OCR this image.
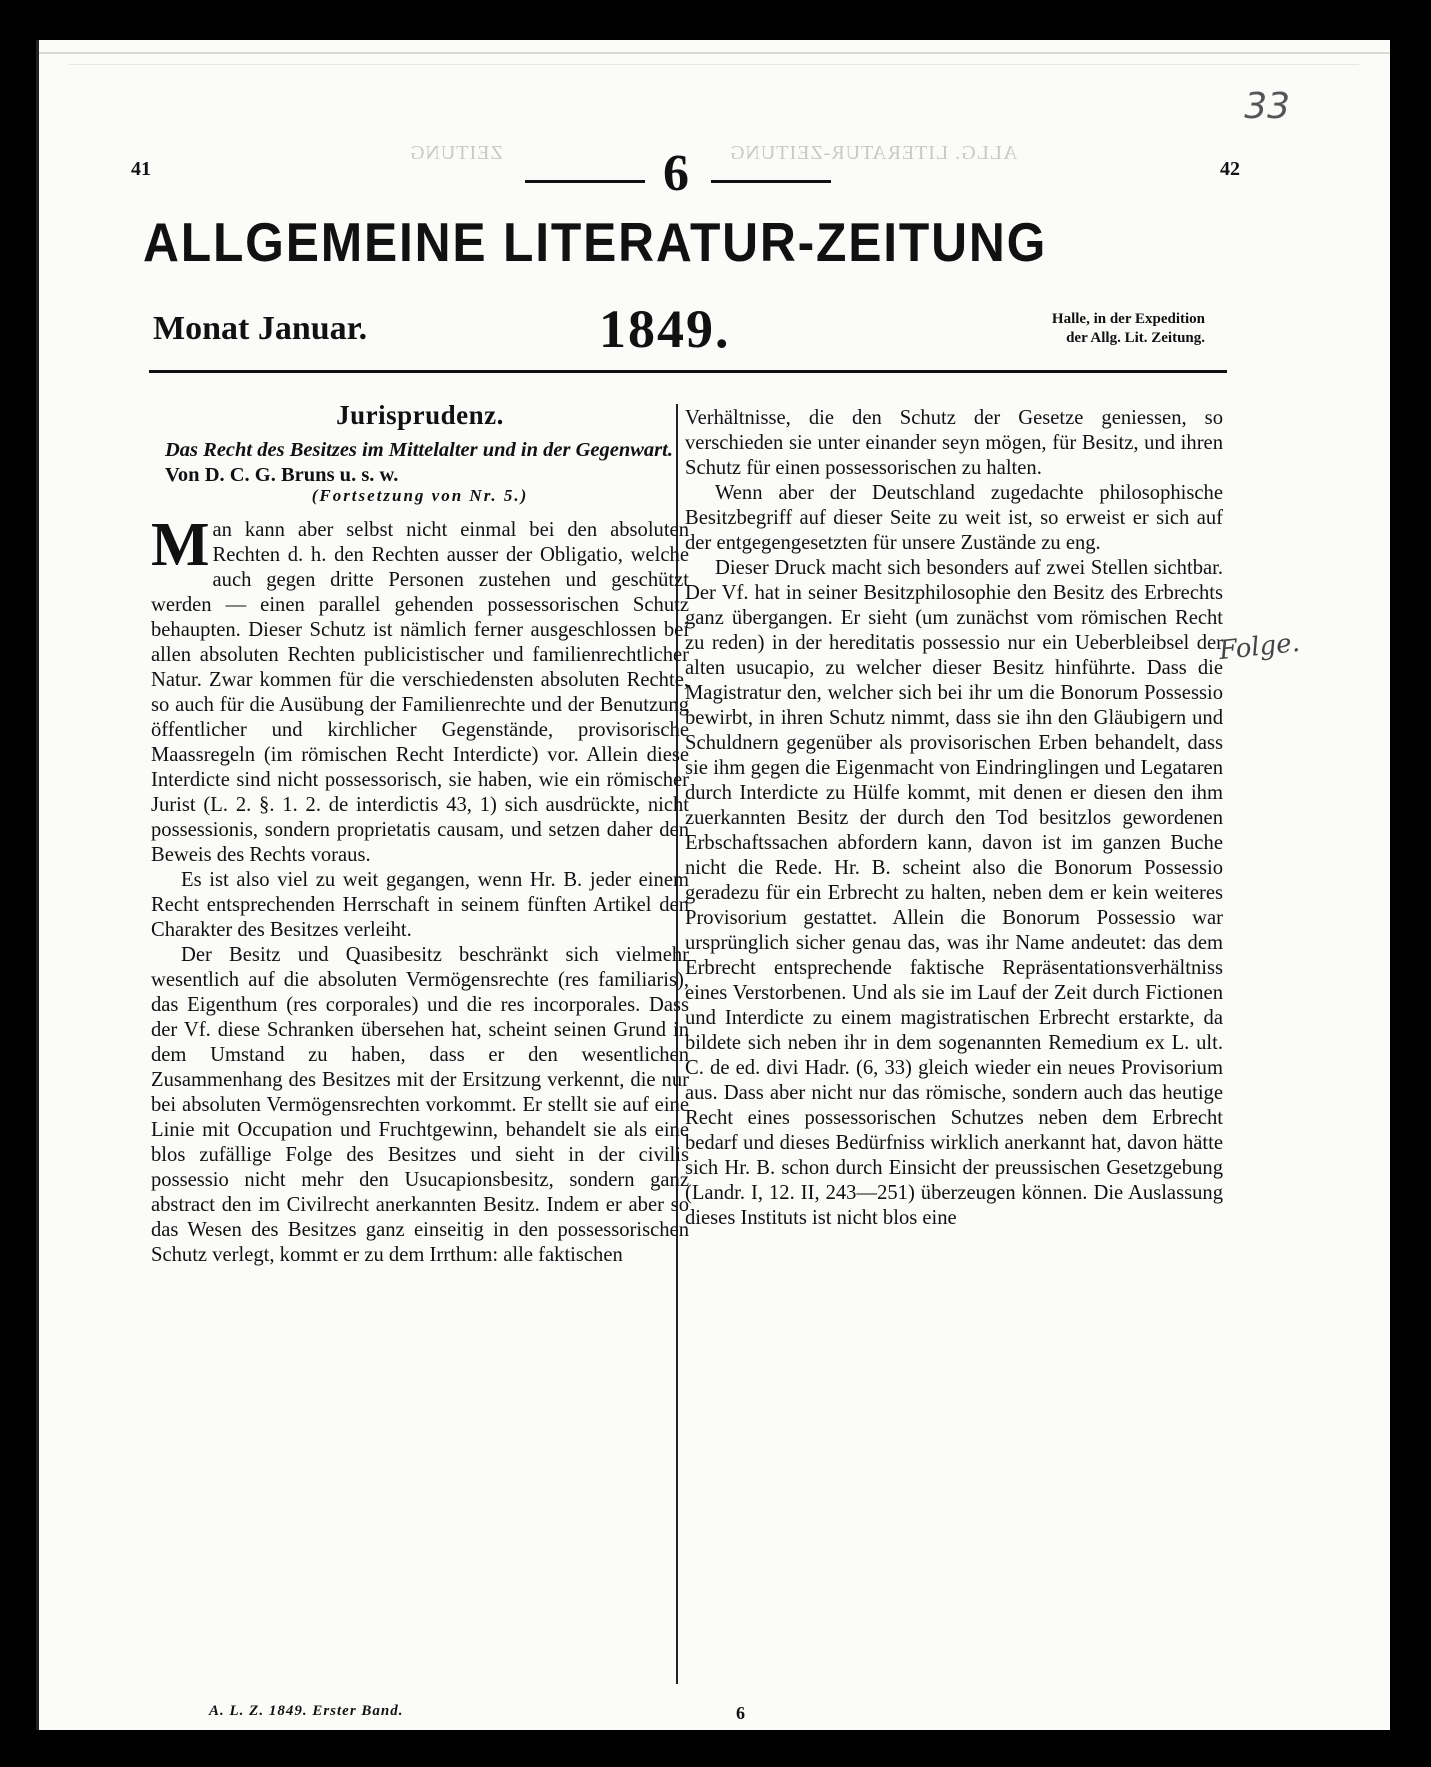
33
ZEITUNG	ALLG. LITERATUR-ZEITUNG
41	42
6
ALLGEMEINE LITERATUR-ZEITUNG
Monat Januar.	1849.	Halle, in der Expedition
der Allg. Lit. Zeitung.
Jurisprudenz.
Das Recht des Besitzes im Mittelalter und in der Gegenwart. Von D. C. G. Bruns u. s. w.
(Fortsetzung von Nr. 5.)

Man kann aber selbst nicht einmal bei den absoluten Rechten d. h. den Rechten ausser der Obligatio, welche auch gegen dritte Personen zustehen und geschützt werden — einen parallel gehenden possessorischen Schutz behaupten. Dieser Schutz ist nämlich ferner ausgeschlossen bei allen absoluten Rechten publicistischer und familienrechtlicher Natur. Zwar kommen für die verschiedensten absoluten Rechte, so auch für die Ausübung der Familienrechte und der Benutzung öffentlicher und kirchlicher Gegenstände, provisorische Maassregeln (im römischen Recht Interdicte) vor. Allein diese Interdicte sind nicht possessorisch, sie haben, wie ein römischer Jurist (L. 2. §. 1. 2. de interdictis 43, 1) sich ausdrückte, nicht possessionis, sondern proprietatis causam, und setzen daher den Beweis des Rechts voraus.

Es ist also viel zu weit gegangen, wenn Hr. B. jeder einem Recht entsprechenden Herrschaft in seinem fünften Artikel den Charakter des Besitzes verleiht.

Der Besitz und Quasibesitz beschränkt sich vielmehr wesentlich auf die absoluten Vermögensrechte (res familiaris), das Eigenthum (res corporales) und die res incorporales. Dass der Vf. diese Schranken übersehen hat, scheint seinen Grund in dem Umstand zu haben, dass er den wesentlichen Zusammenhang des Besitzes mit der Ersitzung verkennt, die nur bei absoluten Vermögensrechten vorkommt. Er stellt sie auf eine Linie mit Occupation und Fruchtgewinn, behandelt sie als eine blos zufällige Folge des Besitzes und sieht in der civilis possessio nicht mehr den Usucapionsbesitz, sondern ganz abstract den im Civilrecht anerkannten Besitz. Indem er aber so das Wesen des Besitzes ganz einseitig in den possessorischen Schutz verlegt, kommt er zu dem Irrthum: alle faktischen

Verhältnisse, die den Schutz der Gesetze geniessen, so verschieden sie unter einander seyn mögen, für Besitz, und ihren Schutz für einen possessorischen zu halten.

Wenn aber der Deutschland zugedachte philosophische Besitzbegriff auf dieser Seite zu weit ist, so erweist er sich auf der entgegengesetzten für unsere Zustände zu eng.

Dieser Druck macht sich besonders auf zwei Stellen sichtbar. Der Vf. hat in seiner Besitzphilosophie den Besitz des Erbrechts ganz übergangen. Er sieht (um zunächst vom römischen Recht zu reden) in der hereditatis possessio nur ein Ueberbleibsel der alten usucapio, zu welcher dieser Besitz hinführte. Dass die Magistratur den, welcher sich bei ihr um die Bonorum Possessio bewirbt, in ihren Schutz nimmt, dass sie ihn den Gläubigern und Schuldnern gegenüber als provisorischen Erben behandelt, dass sie ihm gegen die Eigenmacht von Eindringlingen und Legataren durch Interdicte zu Hülfe kommt, mit denen er diesen den ihm zuerkannten Besitz der durch den Tod besitzlos gewordenen Erbschaftssachen abfordern kann, davon ist im ganzen Buche nicht die Rede. Hr. B. scheint also die Bonorum Possessio geradezu für ein Erbrecht zu halten, neben dem er kein weiteres Provisorium gestattet. Allein die Bonorum Possessio war ursprünglich sicher genau das, was ihr Name andeutet: das dem Erbrecht entsprechende faktische Repräsentationsverhältniss eines Verstorbenen. Und als sie im Lauf der Zeit durch Fictionen und Interdicte zu einem magistratischen Erbrecht erstarkte, da bildete sich neben ihr in dem sogenannten Remedium ex L. ult. C. de ed. divi Hadr. (6, 33) gleich wieder ein neues Provisorium aus. Dass aber nicht nur das römische, sondern auch das heutige Recht eines possessorischen Schutzes neben dem Erbrecht bedarf und dieses Bedürfniss wirklich anerkannt hat, davon hätte sich Hr. B. schon durch Einsicht der preussischen Gesetzgebung (Landr. I, 12. II, 243—251) überzeugen können. Die Auslassung dieses Instituts ist nicht blos eine

Folge.
A. L. Z. 1849. Erster Band.	6
